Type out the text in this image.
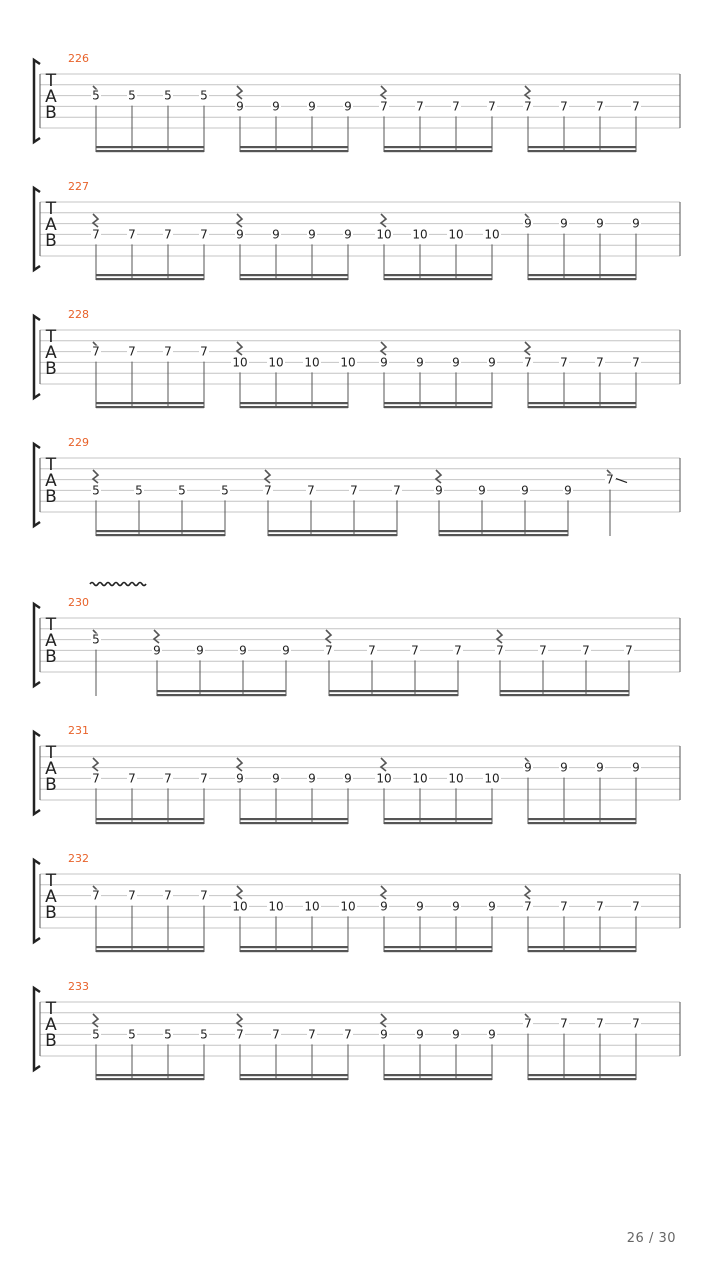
226
T
A
B
5 5 5 5
9 9 9 9 7 7 7 7 7 7 7 7
227
T
A
B	7 7 7 7 9 9 9 9 10 10 10 10
9 9 9 9
228
T
A
B
7 7 7 7
10 10 10 10 9 9 9 9 7 7 7 7
229
T
A
B	5	5	5	5	7	7	7	7	9	9	9	9
7
230
T
A
B
5
9	9	9	9	7	7	7	7	7	7	7	7
231
T
A
B	7 7 7 7 9 9 9 9 10 10 10 10
9 9 9 9
232
T
A
B
7 7 7 7
10 10 10 10 9 9 9 9 7 7 7 7
233
T
A
B	5 5 5 5 7 7 7 7 9 9 9 9
7 7 7 7
26 / 30
